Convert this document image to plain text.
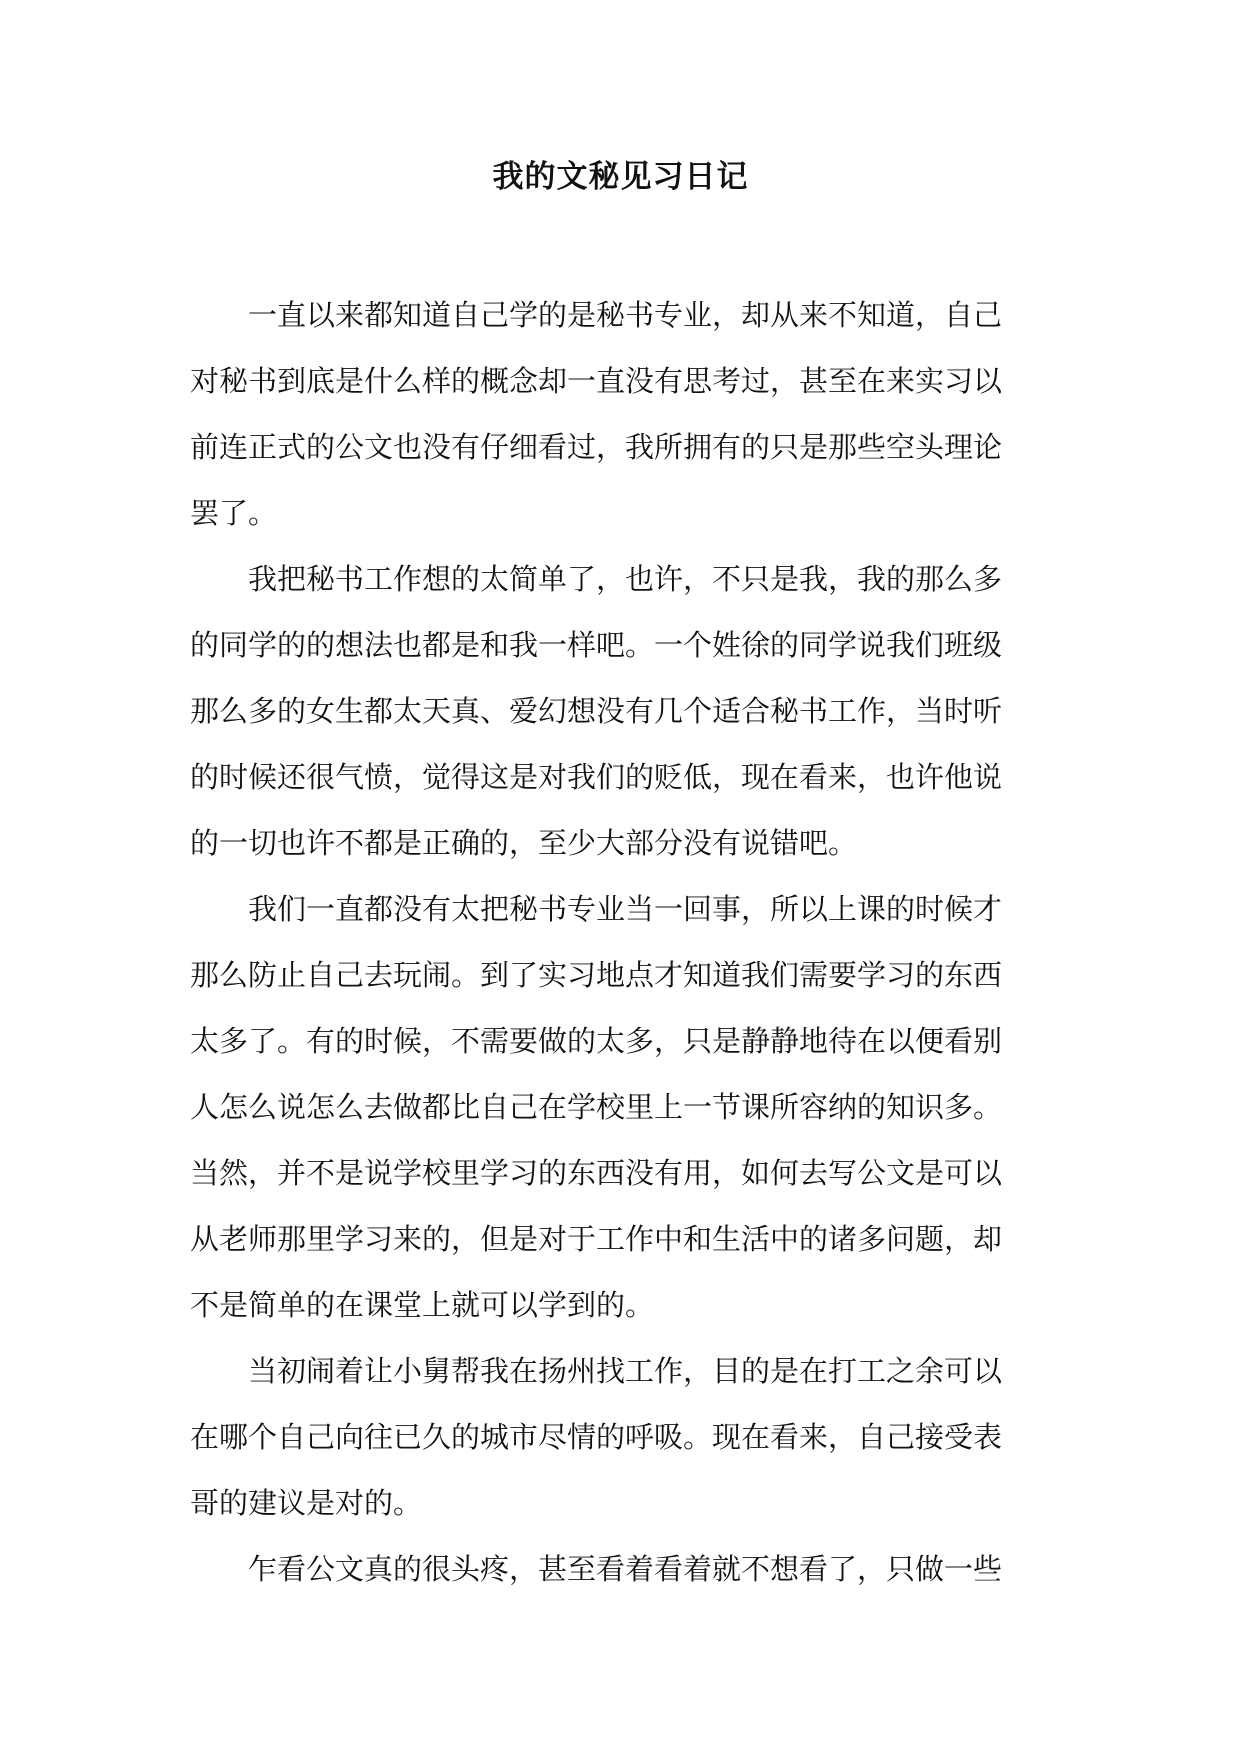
我的文秘见习日记
一直以来都知道自己学的是秘书专业，却从来不知道，自己
对秘书到底是什么样的概念却一直没有思考过，甚至在来实习以
前连正式的公文也没有仔细看过，我所拥有的只是那些空头理论
罢了。
我把秘书工作想的太简单了，也许，不只是我，我的那么多
的同学的的想法也都是和我一样吧。一个姓徐的同学说我们班级
那么多的女生都太天真、爱幻想没有几个适合秘书工作，当时听
的时候还很气愤，觉得这是对我们的贬低，现在看来，也许他说
的一切也许不都是正确的，至少大部分没有说错吧。
我们一直都没有太把秘书专业当一回事，所以上课的时候才
那么防止自己去玩闹。到了实习地点才知道我们需要学习的东西
太多了。有的时候，不需要做的太多，只是静静地待在以便看别
人怎么说怎么去做都比自己在学校里上一节课所容纳的知识多。
当然，并不是说学校里学习的东西没有用，如何去写公文是可以
从老师那里学习来的，但是对于工作中和生活中的诸多问题，却
不是简单的在课堂上就可以学到的。
当初闹着让小舅帮我在扬州找工作，目的是在打工之余可以
在哪个自己向往已久的城市尽情的呼吸。现在看来，自己接受表
哥的建议是对的。
乍看公文真的很头疼，甚至看着看着就不想看了，只做一些
